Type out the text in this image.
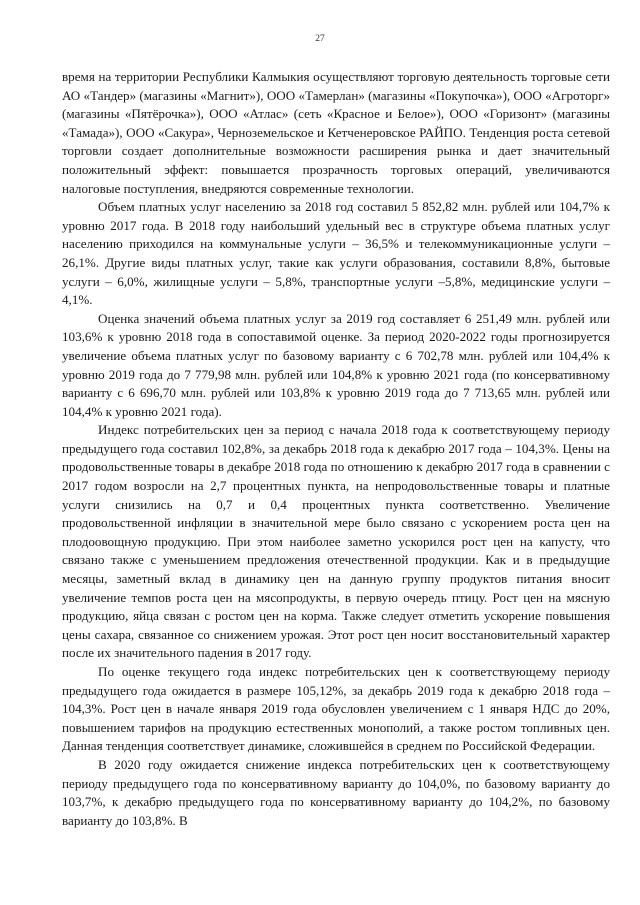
27

время на территории Республики Калмыкия осуществляют торговую деятельность торговые сети АО «Тандер» (магазины «Магнит»), ООО «Тамерлан» (магазины «Покупочка»), ООО «Агроторг» (магазины «Пятёрочка»), ООО «Атлас» (сеть «Красное и Белое»), ООО «Горизонт» (магазины «Тамада»), ООО «Сакура», Черноземельское и Кетченеровское РАЙПО. Тенденция роста сетевой торговли создает дополнительные возможности расширения рынка и дает значительный положительный эффект: повышается прозрачность торговых операций, увеличиваются налоговые поступления, внедряются современные технологии.

Объем платных услуг населению за 2018 год составил 5 852,82 млн. рублей или 104,7% к уровню 2017 года. В 2018 году наибольший удельный вес в структуре объема платных услуг населению приходился на коммунальные услуги – 36,5% и телекоммуникационные услуги – 26,1%. Другие виды платных услуг, такие как услуги образования, составили 8,8%, бытовые услуги – 6,0%, жилищные услуги – 5,8%, транспортные услуги –5,8%, медицинские услуги – 4,1%.

Оценка значений объема платных услуг за 2019 год составляет 6 251,49 млн. рублей или 103,6% к уровню 2018 года в сопоставимой оценке. За период 2020-2022 годы прогнозируется увеличение объема платных услуг по базовому варианту с 6 702,78 млн. рублей или 104,4% к уровню 2019 года до 7 779,98 млн. рублей или 104,8% к уровню 2021 года (по консервативному варианту с 6 696,70 млн. рублей или 103,8% к уровню 2019 года до 7 713,65 млн. рублей или 104,4% к уровню 2021 года).

Индекс потребительских цен за период с начала 2018 года к соответствующему периоду предыдущего года составил 102,8%, за декабрь 2018 года к декабрю 2017 года – 104,3%. Цены на продовольственные товары в декабре 2018 года по отношению к декабрю 2017 года в сравнении с 2017 годом возросли на 2,7 процентных пункта, на непродовольственные товары и платные услуги снизились на 0,7 и 0,4 процентных пункта соответственно. Увеличение продовольственной инфляции в значительной мере было связано с ускорением роста цен на плодоовощную продукцию. При этом наиболее заметно ускорился рост цен на капусту, что связано также с уменьшением предложения отечественной продукции. Как и в предыдущие месяцы, заметный вклад в динамику цен на данную группу продуктов питания вносит увеличение темпов роста цен на мясопродукты, в первую очередь птицу. Рост цен на мясную продукцию, яйца связан с ростом цен на корма. Также следует отметить ускорение повышения цены сахара, связанное со снижением урожая. Этот рост цен носит восстановительный характер после их значительного падения в 2017 году.

По оценке текущего года индекс потребительских цен к соответствующему периоду предыдущего года ожидается в размере 105,12%, за декабрь 2019 года к декабрю 2018 года – 104,3%. Рост цен в начале января 2019 года обусловлен увеличением с 1 января НДС до 20%, повышением тарифов на продукцию естественных монополий, а также ростом топливных цен. Данная тенденция соответствует динамике, сложившейся в среднем по Российской Федерации.

В 2020 году ожидается снижение индекса потребительских цен к соответствующему периоду предыдущего года по консервативному варианту до 104,0%, по базовому варианту до 103,7%, к декабрю предыдущего года по консервативному варианту до 104,2%, по базовому варианту до 103,8%. В
